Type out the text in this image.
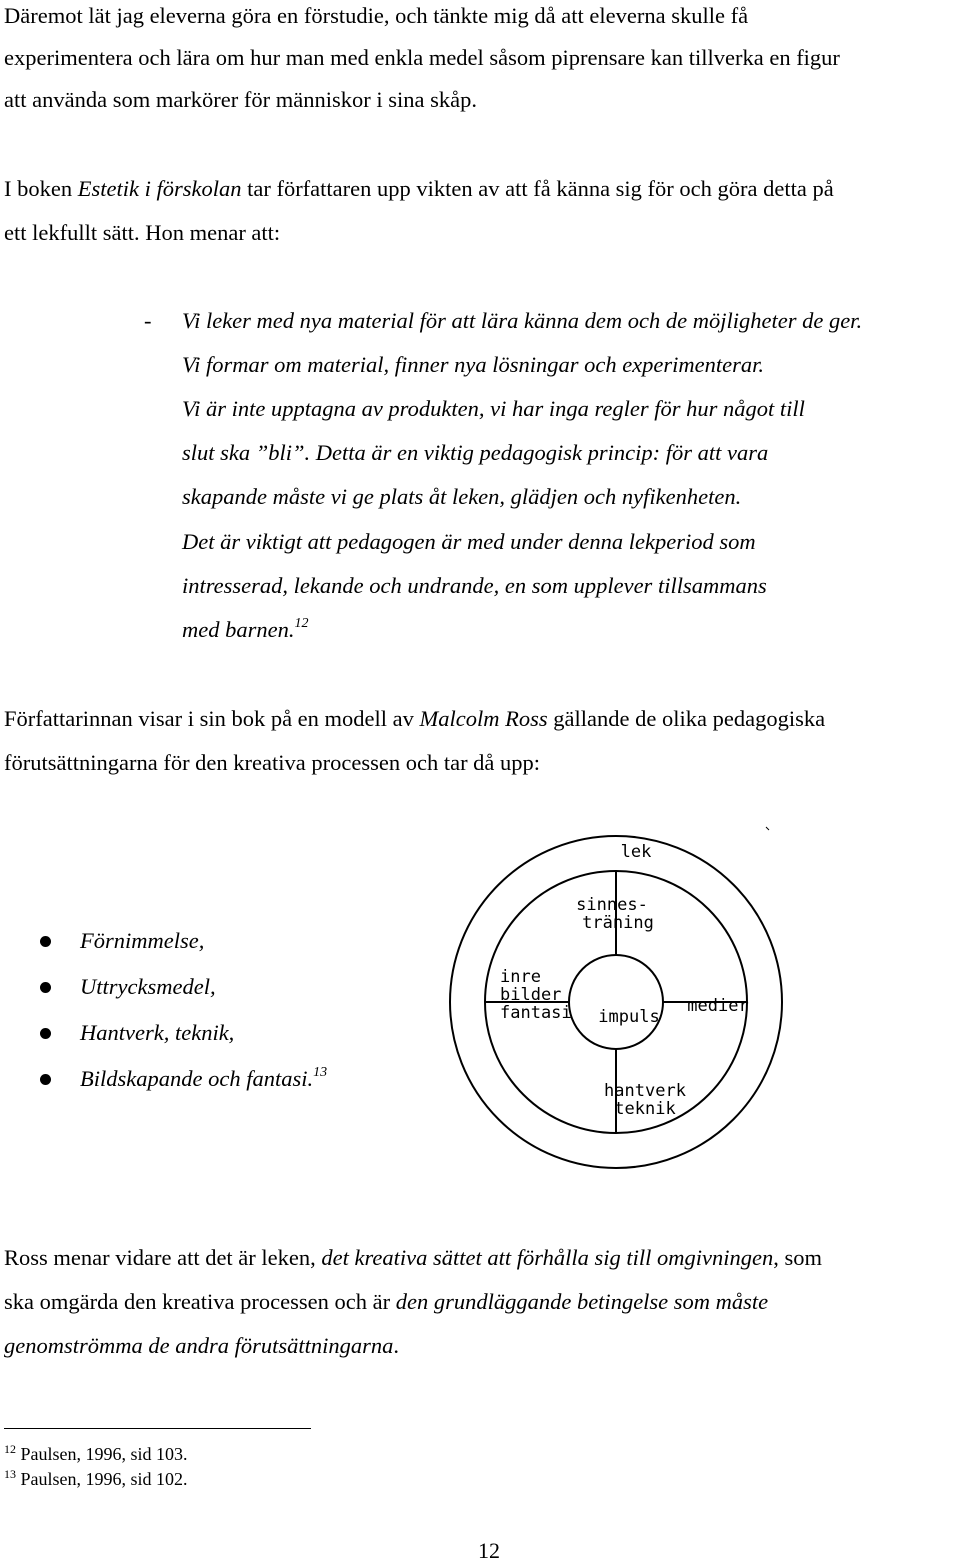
Däremot lät jag eleverna göra en förstudie, och tänkte mig då att eleverna skulle få

experimentera och lära om hur man med enkla medel såsom piprensare kan tillverka en figur

att använda som markörer för människor i sina skåp.

I boken Estetik i förskolan tar författaren upp vikten av att få känna sig för och göra detta på

ett lekfullt sätt. Hon menar att:

- Vi leker med nya material för att lära känna dem och de möjligheter de ger.

Vi formar om material, finner nya lösningar och experimenterar.

Vi är inte upptagna av produkten, vi har inga regler för hur något till

slut ska ”bli”. Detta är en viktig pedagogisk princip: för att vara

skapande måste vi ge plats åt leken, glädjen och nyfikenheten.

Det är viktigt att pedagogen är med under denna lekperiod som

intresserad, lekande och undrande, en som upplever tillsammans

med barnen.$^{12}$

Författarinnan visar i sin bok på en modell av Malcolm Ross gällande de olika pedagogiska

förutsättningarna för den kreativa processen och tar då upp:

Förnimmelse,
Uttrycksmedel,
Hantverk, teknik,
Bildskapande och fantasi.$^{13}$
lek
sinnes-
träning
inre
bilder
fantasi impuls
medier
hantverk
teknik

Ross menar vidare att det är leken, det kreativa sättet att förhålla sig till omgivningen, som

ska omgärda den kreativa processen och är den grundläggande betingelse som måste

genomströmma de andra förutsättningarna.

$^{12}$ Paulsen, 1996, sid 103.
$^{13}$ Paulsen, 1996, sid 102.
12
